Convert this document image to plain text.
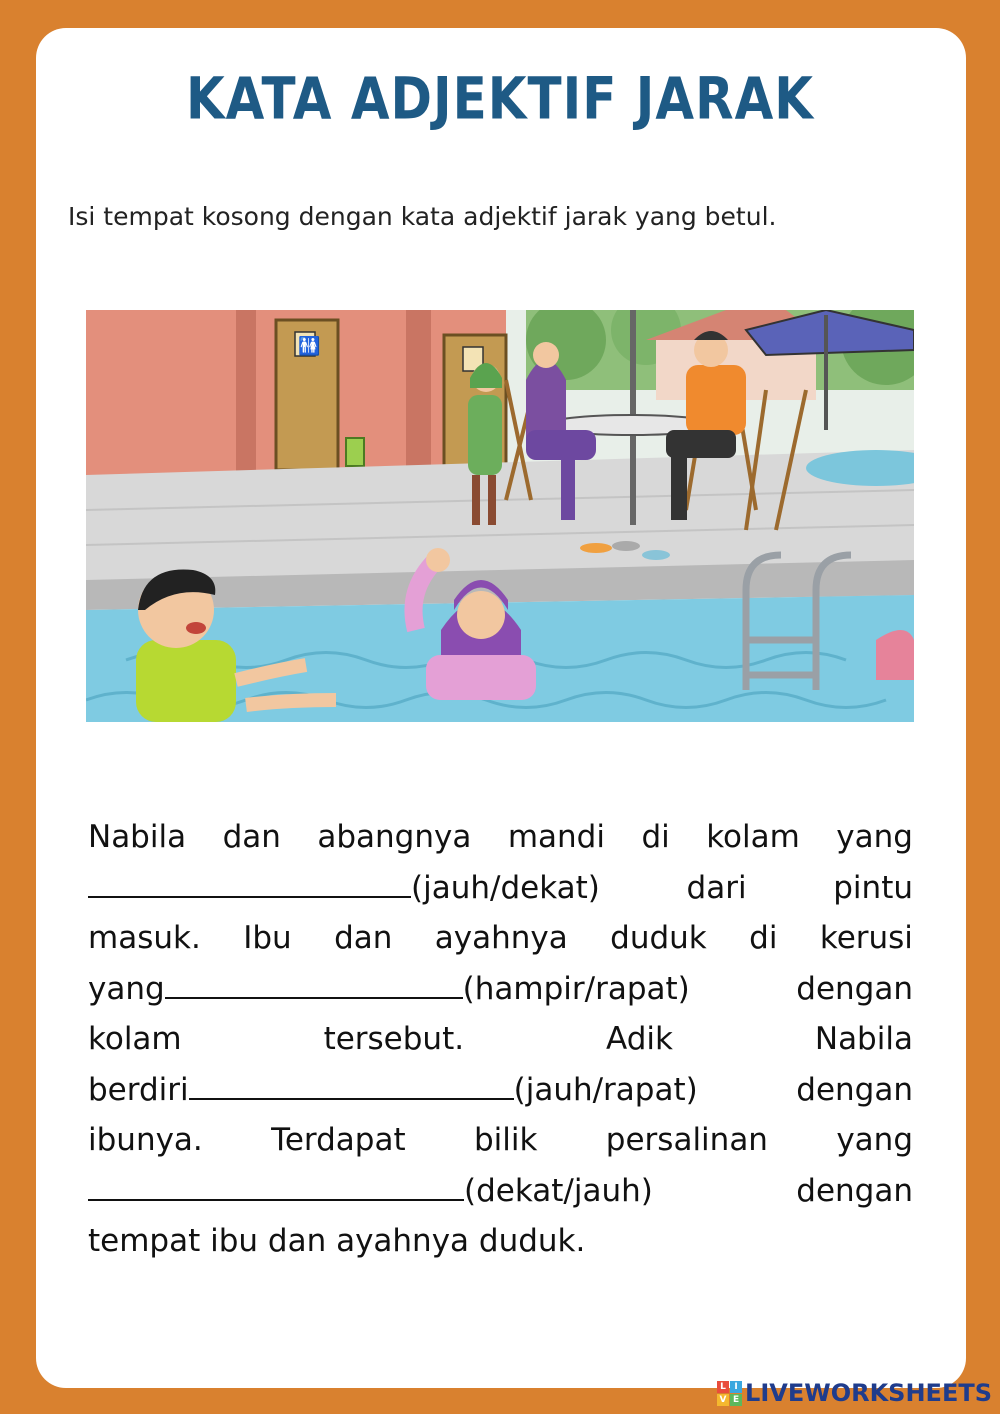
KATA ADJEKTIF JARAK
Isi tempat kosong dengan kata adjektif jarak yang betul.
🚻
Nabila dan abangnya mandi di kolam yang
(jauh/dekat)	dari	pintu
masuk. Ibu dan ayahnya duduk di kerusi
yang	(hampir/rapat)	dengan
kolam	tersebut.	Adik	Nabila
berdiri	(jauh/rapat)	dengan
ibunya. Terdapat bilik persalinan yang
(dekat/jauh)	dengan
tempat ibu dan ayahnya duduk.
L I
V E LIVEWORKSHEETS
